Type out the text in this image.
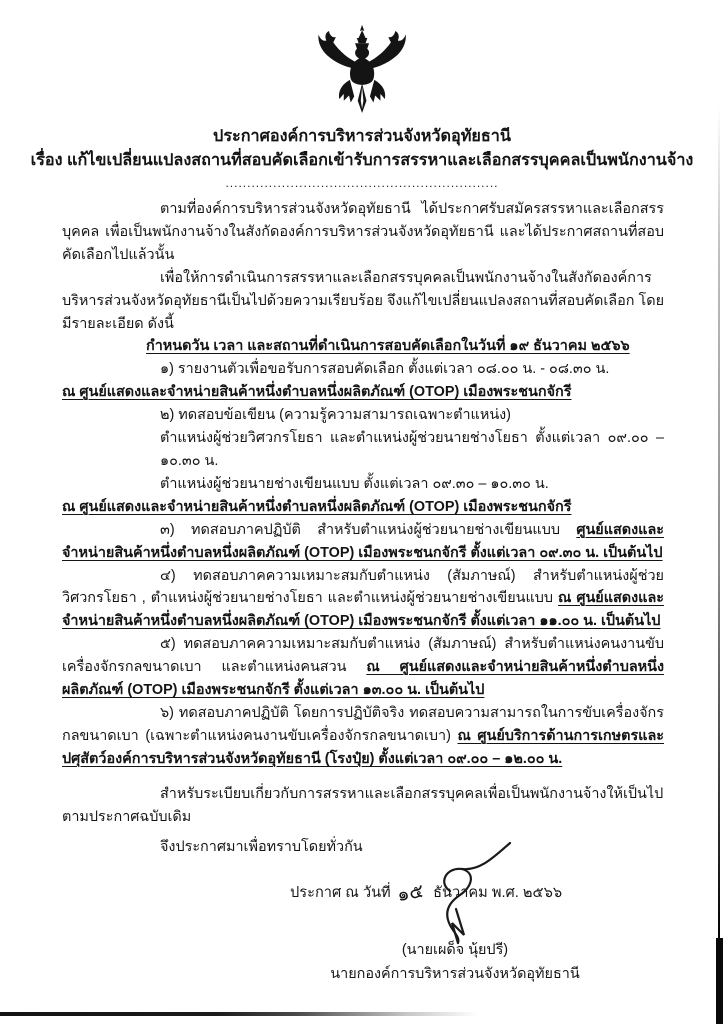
ประกาศองค์การบริหารส่วนจังหวัดอุทัยธานี
เรื่อง แก้ไขเปลี่ยนแปลงสถานที่สอบคัดเลือกเข้ารับการสรรหาและเลือกสรรบุคคลเป็นพนักงานจ้าง
...............................................................

ตามที่องค์การบริหารส่วนจังหวัดอุทัยธานี ได้ประกาศรับสมัครสรรหาและเลือกสรรบุคคล เพื่อเป็นพนักงานจ้างในสังกัดองค์การบริหารส่วนจังหวัดอุทัยธานี และได้ประกาศสถานที่สอบคัดเลือกไปแล้วนั้น

เพื่อให้การดำเนินการสรรหาและเลือกสรรบุคคลเป็นพนักงานจ้างในสังกัดองค์การบริหารส่วนจังหวัดอุทัยธานีเป็นไปด้วยความเรียบร้อย จึงแก้ไขเปลี่ยนแปลงสถานที่สอบคัดเลือก โดยมีรายละเอียด ดังนี้

กำหนดวัน เวลา และสถานที่ดำเนินการสอบคัดเลือกในวันที่ ๑๙ ธันวาคม ๒๕๖๖

๑) รายงานตัวเพื่อขอรับการสอบคัดเลือก ตั้งแต่เวลา ๐๘.๐๐ น. - ๐๘.๓๐ น.

ณ ศูนย์แสดงและจำหน่ายสินค้าหนึ่งตำบลหนึ่งผลิตภัณฑ์ (OTOP) เมืองพระชนกจักรี

๒) ทดสอบข้อเขียน (ความรู้ความสามารถเฉพาะตำแหน่ง)

ตำแหน่งผู้ช่วยวิศวกรโยธา และตำแหน่งผู้ช่วยนายช่างโยธา ตั้งแต่เวลา ๐๙.๐๐ – ๑๐.๓๐ น.

ตำแหน่งผู้ช่วยนายช่างเขียนแบบ ตั้งแต่เวลา ๐๙.๓๐ – ๑๐.๓๐ น.

ณ ศูนย์แสดงและจำหน่ายสินค้าหนึ่งตำบลหนึ่งผลิตภัณฑ์ (OTOP) เมืองพระชนกจักรี

๓) ทดสอบภาคปฏิบัติ สำหรับตำแหน่งผู้ช่วยนายช่างเขียนแบบ ศูนย์แสดงและจำหน่ายสินค้าหนึ่งตำบลหนึ่งผลิตภัณฑ์ (OTOP) เมืองพระชนกจักรี ตั้งแต่เวลา ๐๙.๓๐ น. เป็นต้นไป

๔) ทดสอบภาคความเหมาะสมกับตำแหน่ง (สัมภาษณ์) สำหรับตำแหน่งผู้ช่วยวิศวกรโยธา , ตำแหน่งผู้ช่วยนายช่างโยธา และตำแหน่งผู้ช่วยนายช่างเขียนแบบ ณ ศูนย์แสดงและจำหน่ายสินค้าหนึ่งตำบลหนึ่งผลิตภัณฑ์ (OTOP) เมืองพระชนกจักรี ตั้งแต่เวลา ๑๑.๐๐ น. เป็นต้นไป

๕) ทดสอบภาคความเหมาะสมกับตำแหน่ง (สัมภาษณ์) สำหรับตำแหน่งคนงานขับเครื่องจักรกลขนาดเบา และตำแหน่งคนสวน ณ ศูนย์แสดงและจำหน่ายสินค้าหนึ่งตำบลหนึ่งผลิตภัณฑ์ (OTOP) เมืองพระชนกจักรี ตั้งแต่เวลา ๑๓.๐๐ น. เป็นต้นไป

๖) ทดสอบภาคปฏิบัติ โดยการปฏิบัติจริง ทดสอบความสามารถในการขับเครื่องจักรกลขนาดเบา (เฉพาะตำแหน่งคนงานขับเครื่องจักรกลขนาดเบา) ณ ศูนย์บริการด้านการเกษตรและปศุสัตว์องค์การบริหารส่วนจังหวัดอุทัยธานี (โรงปุ๋ย) ตั้งแต่เวลา ๐๙.๐๐ – ๑๒.๐๐ น.

สำหรับระเบียบเกี่ยวกับการสรรหาและเลือกสรรบุคคลเพื่อเป็นพนักงานจ้างให้เป็นไปตามประกาศฉบับเดิม

จึงประกาศมาเพื่อทราบโดยทั่วกัน

ประกาศ ณ วันที่ ๑๕ ธันวาคม พ.ศ. ๒๕๖๖

(นายเผด็จ นุ้ยปรี)

นายกองค์การบริหารส่วนจังหวัดอุทัยธานี
